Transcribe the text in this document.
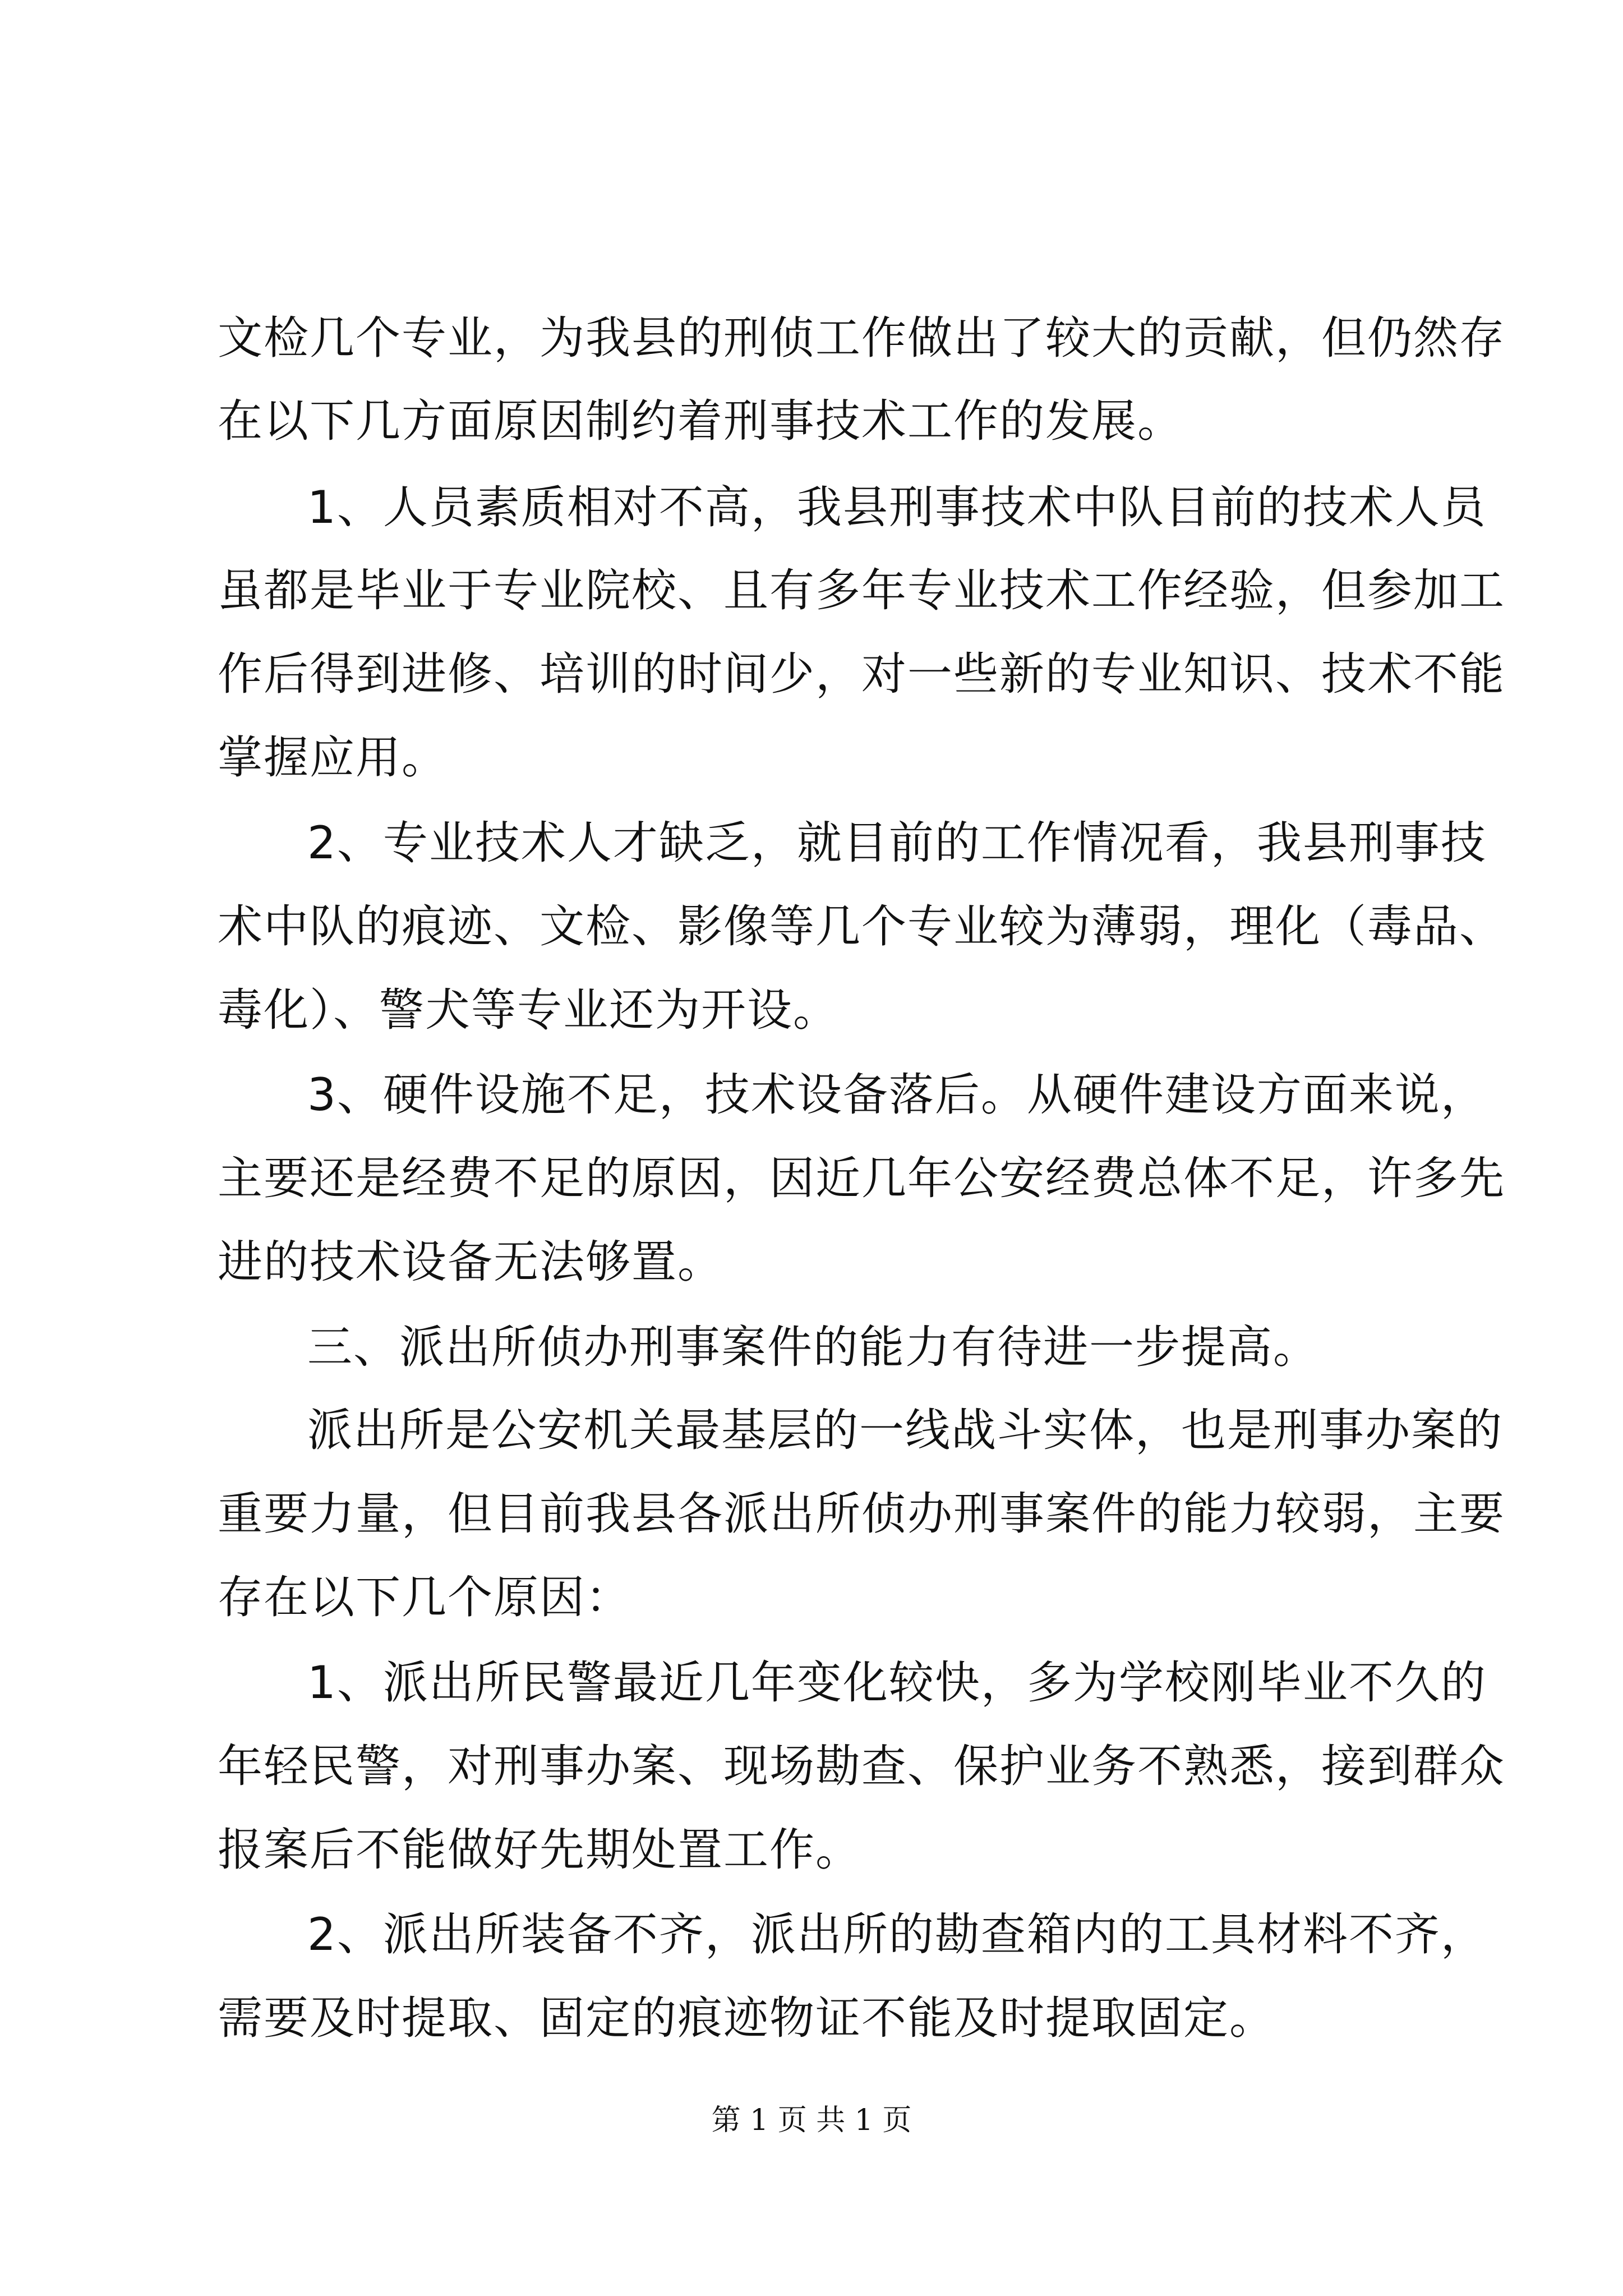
文检几个专业，为我县的刑侦工作做出了较大的贡献，但仍然存
在以下几方面原因制约着刑事技术工作的发展。
1、人员素质相对不高，我县刑事技术中队目前的技术人员
虽都是毕业于专业院校、且有多年专业技术工作经验，但参加工
作后得到进修、培训的时间少，对一些新的专业知识、技术不能
掌握应用。
2、专业技术人才缺乏，就目前的工作情况看，我县刑事技
术中队的痕迹、文检、影像等几个专业较为薄弱，理化（毒品、
毒化）、警犬等专业还为开设。
3、硬件设施不足，技术设备落后。从硬件建设方面来说，
主要还是经费不足的原因，因近几年公安经费总体不足，许多先
进的技术设备无法够置。
三、派出所侦办刑事案件的能力有待进一步提高。
派出所是公安机关最基层的一线战斗实体，也是刑事办案的
重要力量，但目前我县各派出所侦办刑事案件的能力较弱，主要
存在以下几个原因：
1、派出所民警最近几年变化较快，多为学校刚毕业不久的
年轻民警，对刑事办案、现场勘查、保护业务不熟悉，接到群众
报案后不能做好先期处置工作。
2、派出所装备不齐，派出所的勘查箱内的工具材料不齐，
需要及时提取、固定的痕迹物证不能及时提取固定。
第 1 页 共 1 页
